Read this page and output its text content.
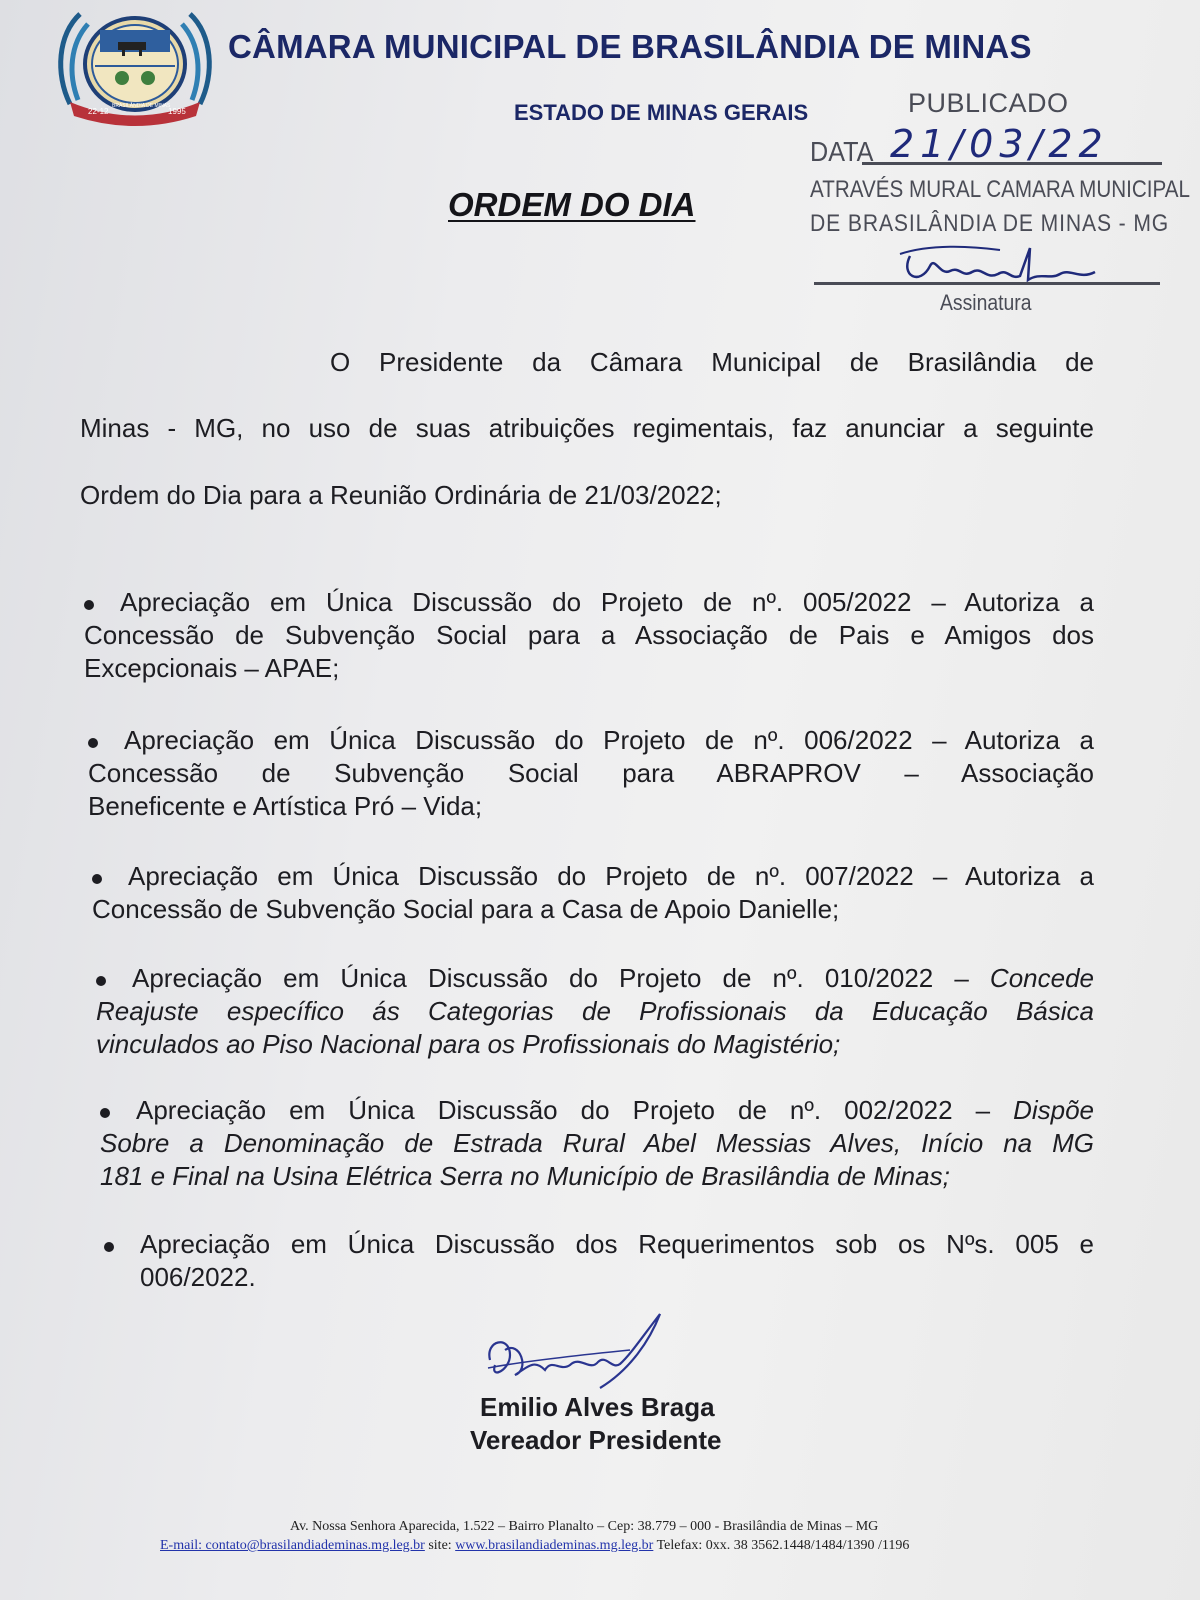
22-12	1995
BRASILÂNDIA DE MINAS
CÂMARA MUNICIPAL DE BRASILÂNDIA DE MINAS
ESTADO DE MINAS GERAIS	PUBLICADO
DATA 21/03/22
ATRAVÉS MURAL CAMARA MUNICIPAL
DE BRASILÂNDIA DE MINAS - MG
Assinatura
ORDEM DO DIA
O Presidente da Câmara Municipal de Brasilândia de
Minas - MG, no uso de suas atribuições regimentais, faz anunciar a seguinte
Ordem do Dia para a Reunião Ordinária de 21/03/2022;
Apreciação em Única Discussão do Projeto de nº. 005/2022 – Autoriza a
Concessão de Subvenção Social para a Associação de Pais e Amigos dos
Excepcionais – APAE;
Apreciação em Única Discussão do Projeto de nº. 006/2022 – Autoriza a
Concessão de Subvenção Social para ABRAPROV – Associação
Beneficente e Artística Pró – Vida;
Apreciação em Única Discussão do Projeto de nº. 007/2022 – Autoriza a
Concessão de Subvenção Social para a Casa de Apoio Danielle;
Apreciação em Única Discussão do Projeto de nº. 010/2022 – Concede
Reajuste específico ás Categorias de Profissionais da Educação Básica
vinculados ao Piso Nacional para os Profissionais do Magistério;
Apreciação em Única Discussão do Projeto de nº. 002/2022 – Dispõe
Sobre a Denominação de Estrada Rural Abel Messias Alves, Início na MG
181 e Final na Usina Elétrica Serra no Município de Brasilândia de Minas;
Apreciação em Única Discussão dos Requerimentos sob os Nºs. 005 e
006/2022.
Emilio Alves Braga
Vereador Presidente
Av. Nossa Senhora Aparecida, 1.522 – Bairro Planalto – Cep: 38.779 – 000 - Brasilândia de Minas – MG
E-mail: contato@brasilandiademinas.mg.leg.br site: www.brasilandiademinas.mg.leg.br Telefax: 0xx. 38 3562.1448/1484/1390 /1196
